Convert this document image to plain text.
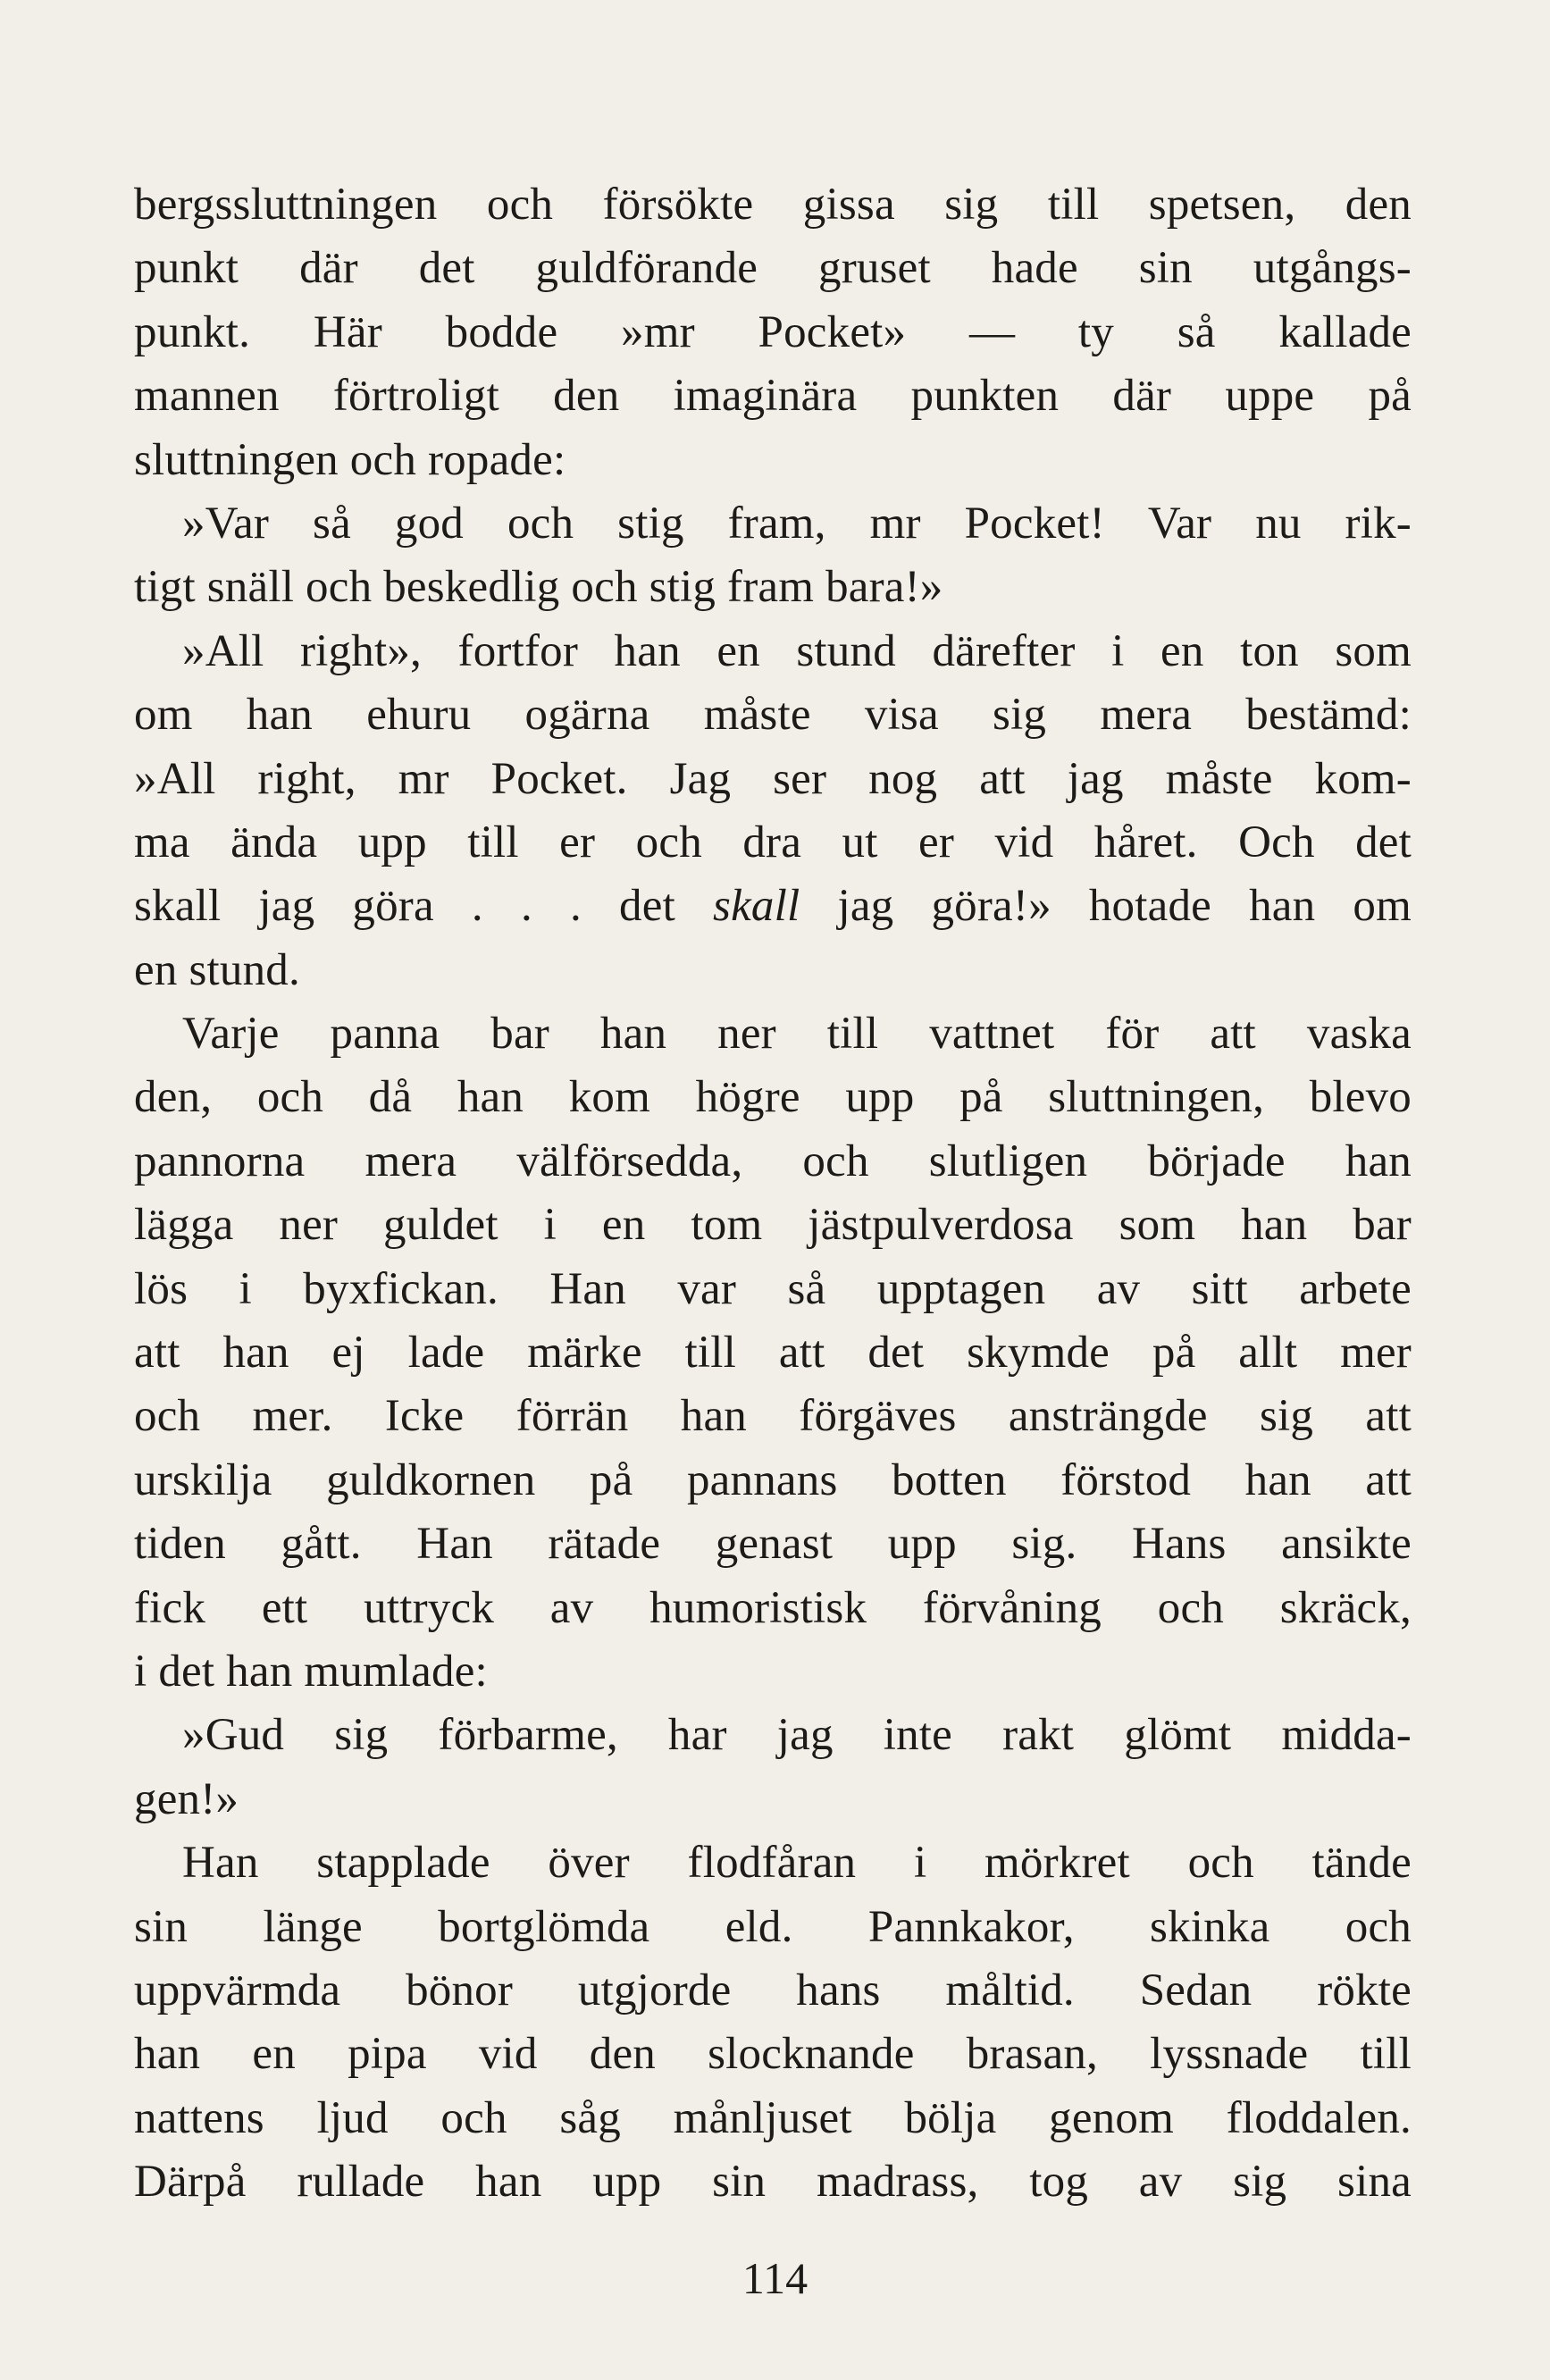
bergssluttningen och försökte gissa sig till spetsen, den
punkt där det guldförande gruset hade sin utgångs-
punkt. Här bodde »mr Pocket» — ty så kallade
mannen förtroligt den imaginära punkten där uppe på
sluttningen och ropade:
»Var så god och stig fram, mr Pocket! Var nu rik-
tigt snäll och beskedlig och stig fram bara!»
»All right», fortfor han en stund därefter i en ton som
om han ehuru ogärna måste visa sig mera bestämd:
»All right, mr Pocket. Jag ser nog att jag måste kom-
ma ända upp till er och dra ut er vid håret. Och det
skall jag göra . . . det skall jag göra!» hotade han om
en stund.
Varje panna bar han ner till vattnet för att vaska
den, och då han kom högre upp på sluttningen, blevo
pannorna mera välförsedda, och slutligen började han
lägga ner guldet i en tom jästpulverdosa som han bar
lös i byxfickan. Han var så upptagen av sitt arbete
att han ej lade märke till att det skymde på allt mer
och mer. Icke förrän han förgäves ansträngde sig att
urskilja guldkornen på pannans botten förstod han att
tiden gått. Han rätade genast upp sig. Hans ansikte
fick ett uttryck av humoristisk förvåning och skräck,
i det han mumlade:
»Gud sig förbarme, har jag inte rakt glömt midda-
gen!»
Han stapplade över flodfåran i mörkret och tände
sin länge bortglömda eld. Pannkakor, skinka och
uppvärmda bönor utgjorde hans måltid. Sedan rökte
han en pipa vid den slocknande brasan, lyssnade till
nattens ljud och såg månljuset bölja genom floddalen.
Därpå rullade han upp sin madrass, tog av sig sina
114
